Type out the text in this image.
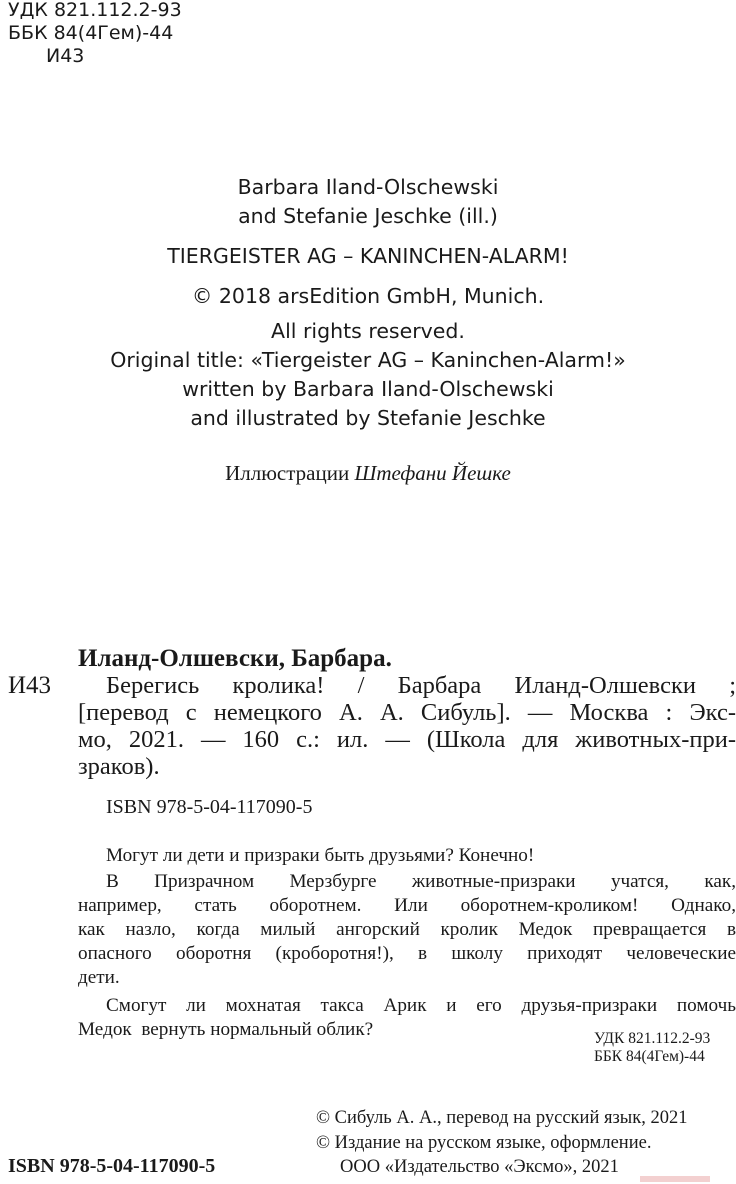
УДК 821.112.2-93
ББК 84(4Гем)-44
И43
Barbara Iland-Olschewski
and Stefanie Jeschke (ill.)
TIERGEISTER AG – KANINCHEN-ALARM!
© 2018 arsEdition GmbH, Munich.
All rights reserved.
Original title: «Tiergeister AG – Kaninchen-Alarm!»
written by Barbara Iland-Olschewski
and illustrated by Stefanie Jeschke
Иллюстрации Штефани Йешке
Иланд-Олшевски, Барбара.
И43 Берегись кролика! / Барбара Иланд-Олшевски ;
[перевод с немецкого А. А. Сибуль]. — Москва : Экс-
мо, 2021. — 160 с.: ил. — (Школа для животных-при-
зраков).
ISBN 978-5-04-117090-5
Могут ли дети и призраки быть друзьями? Конечно!
В Призрачном Мерзбурге животные-призраки учатся, как,
например, стать оборотнем. Или оборотнем-кроликом! Однако,
как назло, когда милый ангорский кролик Медок превращается в
опасного оборотня (кроборотня!), в школу приходят человеческие
дети.
Смогут ли мохнатая такса Арик и его друзья-призраки помочь
Медок  вернуть нормальный облик?	УДК 821.112.2-93
ББК 84(4Гем)-44
© Сибуль А. А., перевод на русский язык, 2021
© Издание на русском языке, оформление.
ООО «Издательство «Эксмо», 2021
ISBN 978-5-04-117090-5
